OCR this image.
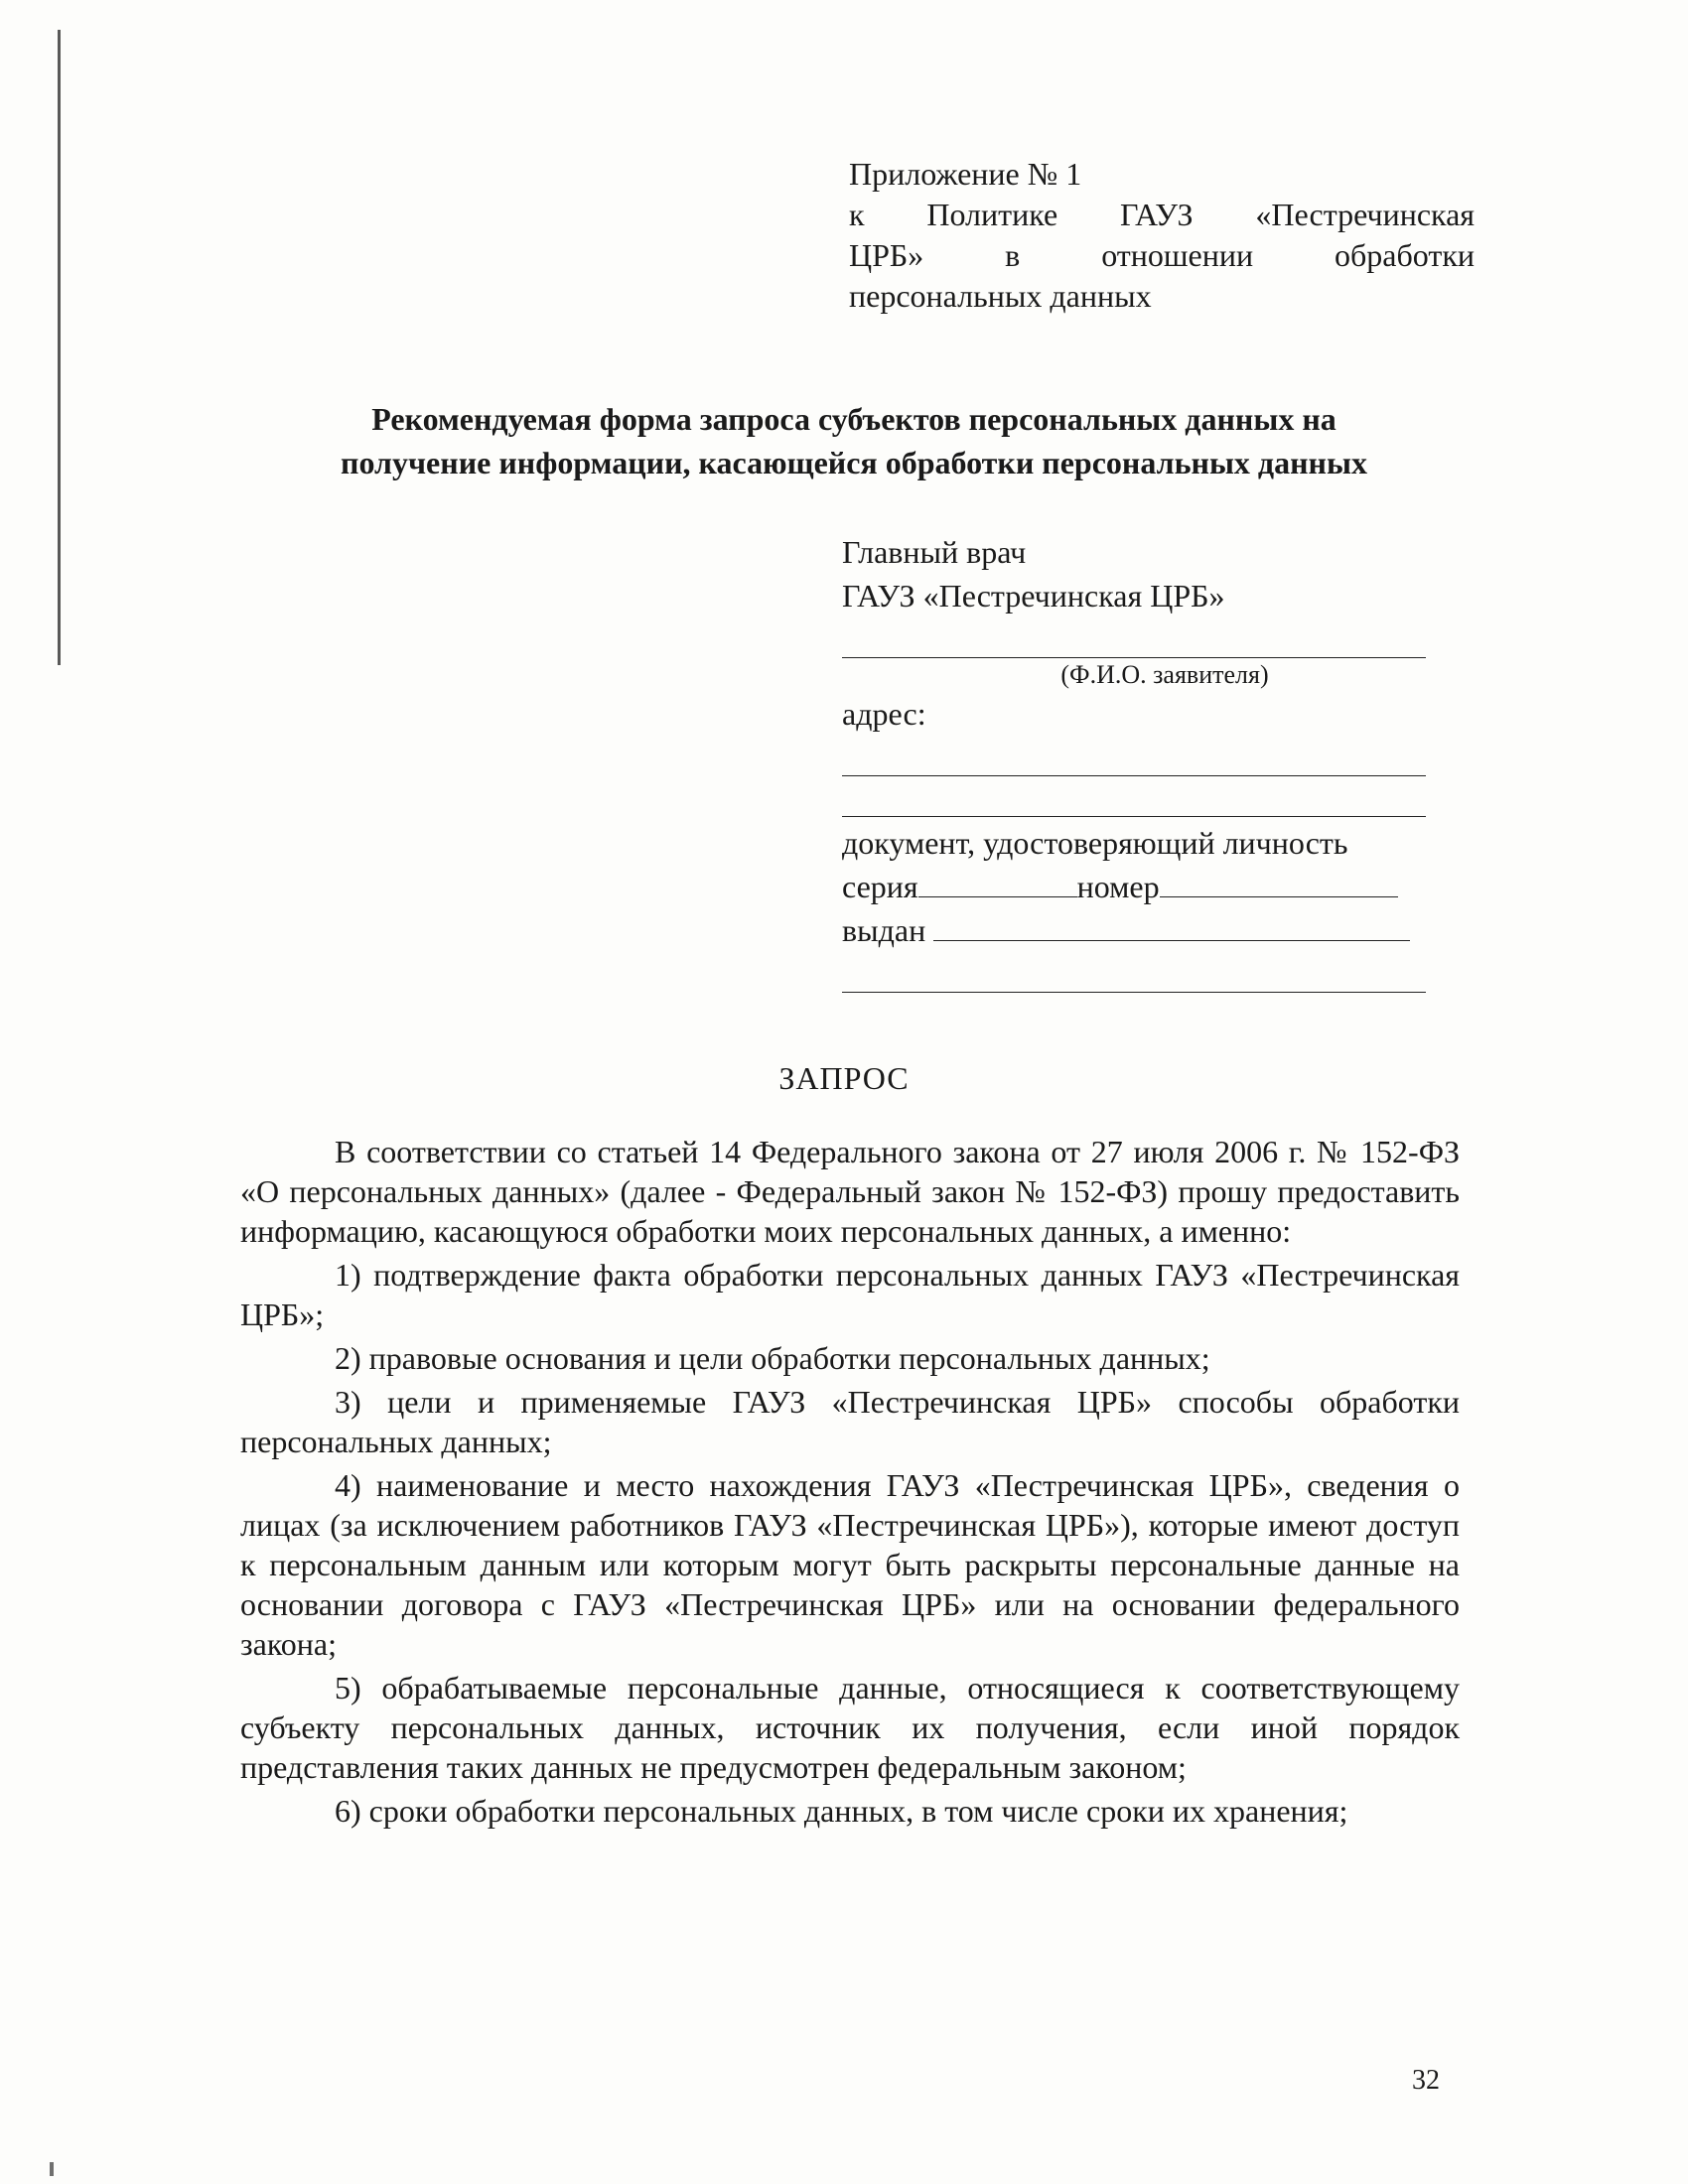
Приложение № 1
к Политике ГАУЗ «Пестречинская
ЦРБ» в отношении обработки
персональных данных
Рекомендуемая форма запроса субъектов персональных данных на
получение информации, касающейся обработки персональных данных
Главный врач
ГАУЗ «Пестречинская ЦРБ»
(Ф.И.О. заявителя)
адрес:
документ, удостоверяющий личность
серия	номер
выдан
ЗАПРОС

В соответствии со статьей 14 Федерального закона от 27 июля 2006 г. № 152-ФЗ «О персональных данных» (далее - Федеральный закон № 152-ФЗ) прошу предоставить информацию, касающуюся обработки моих персональных данных, а именно:

1) подтверждение факта обработки персональных данных ГАУЗ «Пестречинская ЦРБ»;

2) правовые основания и цели обработки персональных данных;

3) цели и применяемые ГАУЗ «Пестречинская ЦРБ» способы обработки персональных данных;

4) наименование и место нахождения ГАУЗ «Пестречинская ЦРБ», сведения о лицах (за исключением работников ГАУЗ «Пестречинская ЦРБ»), которые имеют доступ к персональным данным или которым могут быть раскрыты персональные данные на основании договора с ГАУЗ «Пестречинская ЦРБ» или на основании федерального закона;

5) обрабатываемые персональные данные, относящиеся к соответствующему субъекту персональных данных, источник их получения, если иной порядок представления таких данных не предусмотрен федеральным законом;

6) сроки обработки персональных данных, в том числе сроки их хранения;

32
